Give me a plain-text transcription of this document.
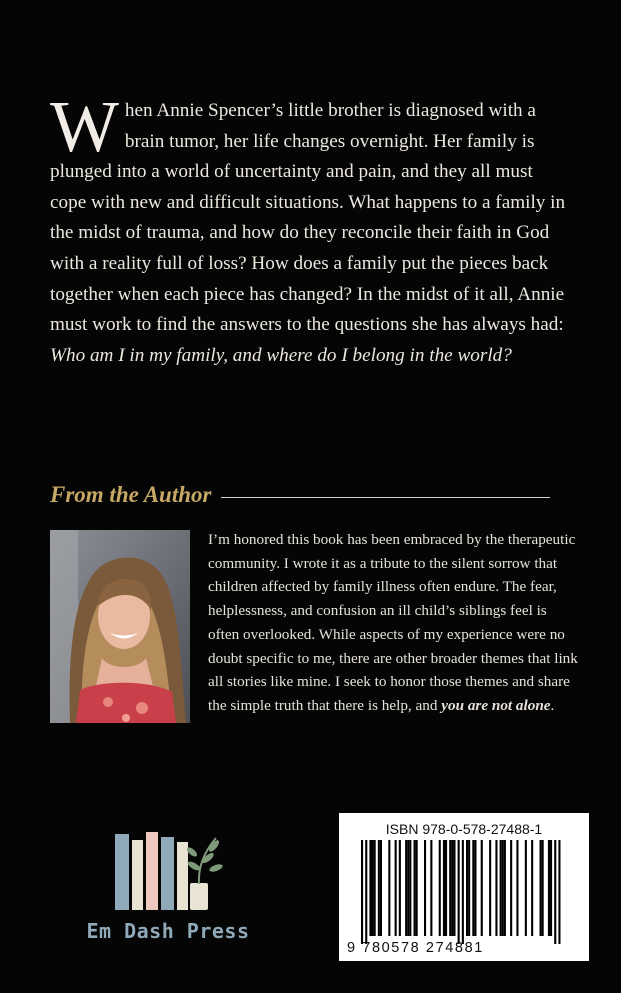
When Annie Spencer’s little brother is diagnosed with a brain tumor, her life changes overnight. Her family is plunged into a world of uncertainty and pain, and they all must cope with new and difficult situations. What happens to a family in the midst of trauma, and how do they reconcile their faith in God with a reality full of loss? How does a family put the pieces back together when each piece has changed? In the midst of it all, Annie must work to find the answers to the questions she has always had: Who am I in my family, and where do I belong in the world?
From the Author
I’m honored this book has been embraced by the therapeutic community. I wrote it as a tribute to the silent sorrow that children affected by family illness often endure. The fear, helplessness, and confusion an ill child’s siblings feel is often overlooked. While aspects of my experience were no doubt specific to me, there are other broader themes that link all stories like mine. I seek to honor those themes and share the simple truth that there is help, and you are not alone.
Em Dash Press
ISBN 978-0-578-27488-1
9 780578 274881
